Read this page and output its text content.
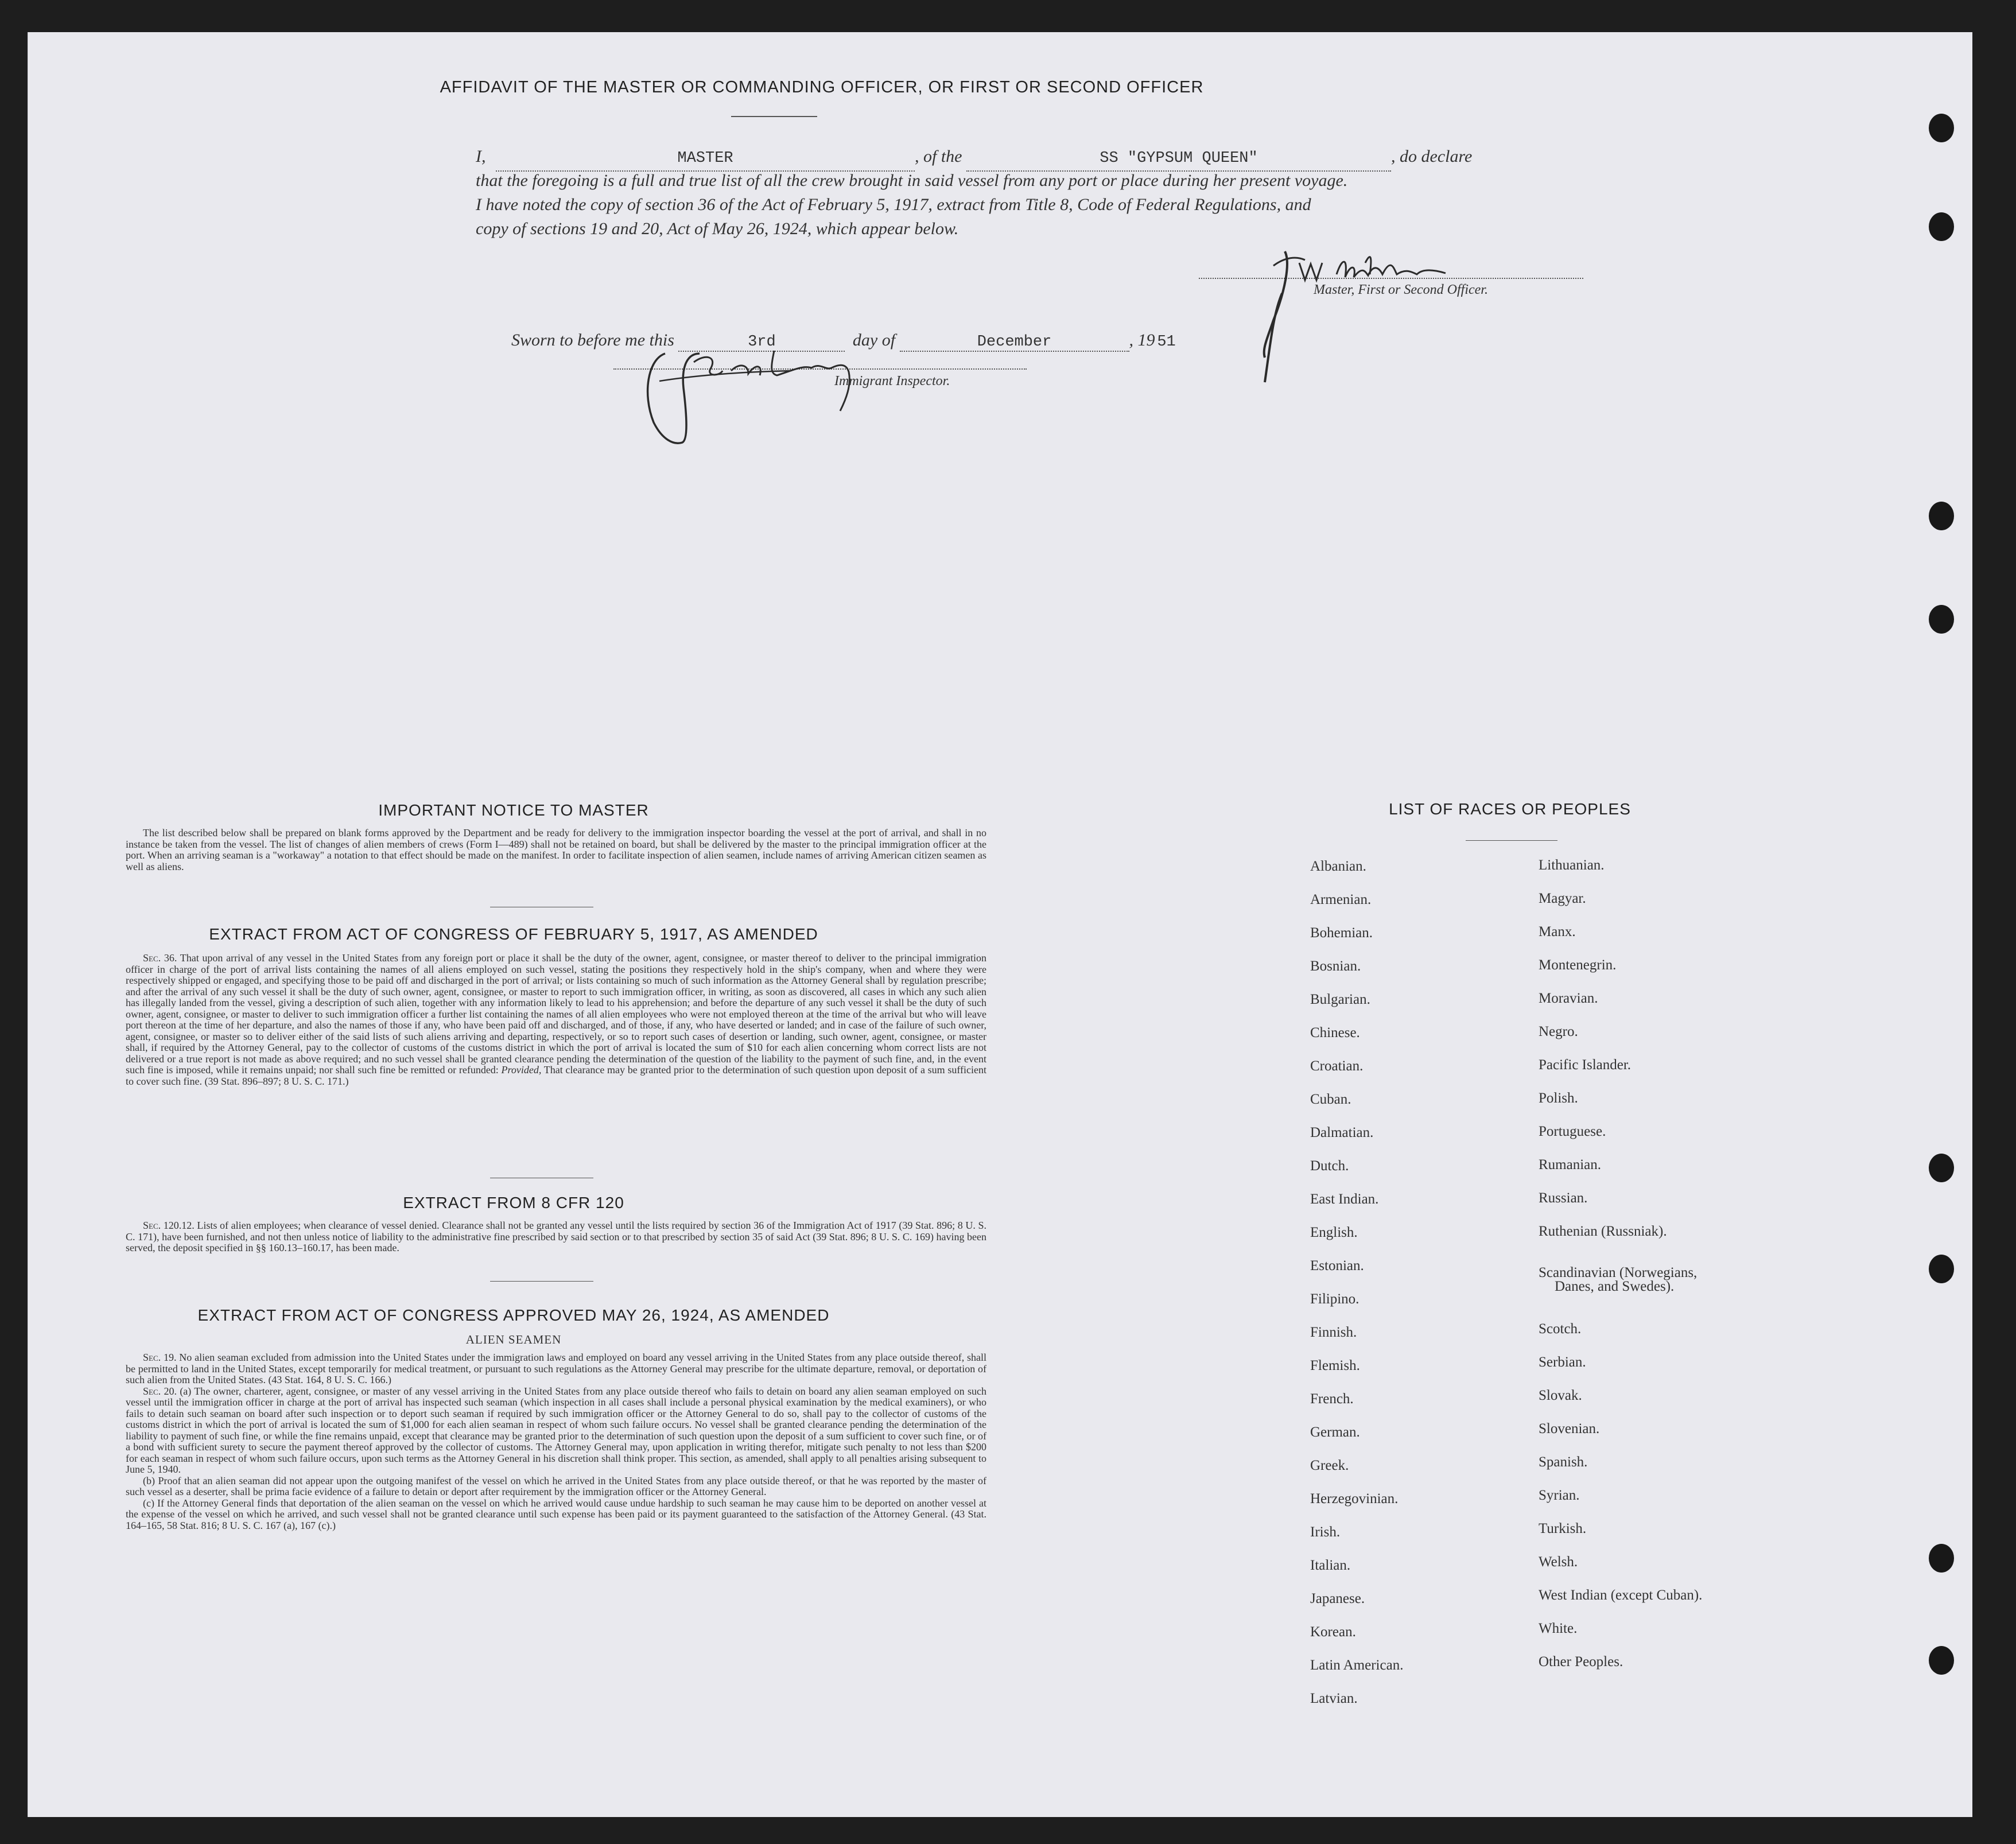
AFFIDAVIT OF THE MASTER OR COMMANDING OFFICER, OR FIRST OR SECOND OFFICER
I,	MASTER	, of the	SS "GYPSUM QUEEN"	, do declare
that the foregoing is a full and true list of all the crew brought in said vessel from any port or place during her present voyage.
I have noted the copy of section 36 of the Act of February 5, 1917, extract from Title 8, Code of Federal Regulations, and
copy of sections 19 and 20, Act of May 26, 1924, which appear below.
Master, First or Second Officer.
Sworn to before me this	3rd	day of	December	, 19 51
Immigrant Inspector.
IMPORTANT NOTICE TO MASTER
The list described below shall be prepared on blank forms approved by the Department and be ready for delivery to the immigration inspector boarding the vessel at the port of arrival, and shall in no instance be taken from the vessel. The list of changes of alien members of crews (Form I—489) shall not be retained on board, but shall be delivered by the master to the principal immigration officer at the port. When an arriving seaman is a "workaway" a notation to that effect should be made on the manifest. In order to facilitate inspection of alien seamen, include names of arriving American citizen seamen as well as aliens.
EXTRACT FROM ACT OF CONGRESS OF FEBRUARY 5, 1917, AS AMENDED
Sec. 36. That upon arrival of any vessel in the United States from any foreign port or place it shall be the duty of the owner, agent, consignee, or master thereof to deliver to the principal immigration officer in charge of the port of arrival lists containing the names of all aliens employed on such vessel, stating the positions they respectively hold in the ship's company, when and where they were respectively shipped or engaged, and specifying those to be paid off and discharged in the port of arrival; or lists containing so much of such information as the Attorney General shall by regulation prescribe; and after the arrival of any such vessel it shall be the duty of such owner, agent, consignee, or master to report to such immigration officer, in writing, as soon as discovered, all cases in which any such alien has illegally landed from the vessel, giving a description of such alien, together with any information likely to lead to his apprehension; and before the departure of any such vessel it shall be the duty of such owner, agent, consignee, or master to deliver to such immigration officer a further list containing the names of all alien employees who were not employed thereon at the time of the arrival but who will leave port thereon at the time of her departure, and also the names of those if any, who have been paid off and discharged, and of those, if any, who have deserted or landed; and in case of the failure of such owner, agent, consignee, or master so to deliver either of the said lists of such aliens arriving and departing, respectively, or so to report such cases of desertion or landing, such owner, agent, consignee, or master shall, if required by the Attorney General, pay to the collector of customs of the customs district in which the port of arrival is located the sum of $10 for each alien concerning whom correct lists are not delivered or a true report is not made as above required; and no such vessel shall be granted clearance pending the determination of the question of the liability to the payment of such fine, and, in the event such fine is imposed, while it remains unpaid; nor shall such fine be remitted or refunded: Provided, That clearance may be granted prior to the determination of such question upon deposit of a sum sufficient to cover such fine. (39 Stat. 896–897; 8 U. S. C. 171.)
EXTRACT FROM 8 CFR 120
Sec. 120.12. Lists of alien employees; when clearance of vessel denied. Clearance shall not be granted any vessel until the lists required by section 36 of the Immigration Act of 1917 (39 Stat. 896; 8 U. S. C. 171), have been furnished, and not then unless notice of liability to the administrative fine prescribed by said section or to that prescribed by section 35 of said Act (39 Stat. 896; 8 U. S. C. 169) having been served, the deposit specified in §§ 160.13–160.17, has been made.
EXTRACT FROM ACT OF CONGRESS APPROVED MAY 26, 1924, AS AMENDED
ALIEN SEAMEN

Sec. 19. No alien seaman excluded from admission into the United States under the immigration laws and employed on board any vessel arriving in the United States from any place outside thereof, shall be permitted to land in the United States, except temporarily for medical treatment, or pursuant to such regulations as the Attorney General may prescribe for the ultimate departure, removal, or deportation of such alien from the United States. (43 Stat. 164, 8 U. S. C. 166.)

Sec. 20. (a) The owner, charterer, agent, consignee, or master of any vessel arriving in the United States from any place outside thereof who fails to detain on board any alien seaman employed on such vessel until the immigration officer in charge at the port of arrival has inspected such seaman (which inspection in all cases shall include a personal physical examination by the medical examiners), or who fails to detain such seaman on board after such inspection or to deport such seaman if required by such immigration officer or the Attorney General to do so, shall pay to the collector of customs of the customs district in which the port of arrival is located the sum of $1,000 for each alien seaman in respect of whom such failure occurs. No vessel shall be granted clearance pending the determination of the liability to payment of such fine, or while the fine remains unpaid, except that clearance may be granted prior to the determination of such question upon the deposit of a sum sufficient to cover such fine, or of a bond with sufficient surety to secure the payment thereof approved by the collector of customs. The Attorney General may, upon application in writing therefor, mitigate such penalty to not less than $200 for each seaman in respect of whom such failure occurs, upon such terms as the Attorney General in his discretion shall think proper. This section, as amended, shall apply to all penalties arising subsequent to June 5, 1940.

(b) Proof that an alien seaman did not appear upon the outgoing manifest of the vessel on which he arrived in the United States from any place outside thereof, or that he was reported by the master of such vessel as a deserter, shall be prima facie evidence of a failure to detain or deport after requirement by the immigration officer or the Attorney General.

(c) If the Attorney General finds that deportation of the alien seaman on the vessel on which he arrived would cause undue hardship to such seaman he may cause him to be deported on another vessel at the expense of the vessel on which he arrived, and such vessel shall not be granted clearance until such expense has been paid or its payment guaranteed to the satisfaction of the Attorney General. (43 Stat. 164–165, 58 Stat. 816; 8 U. S. C. 167 (a), 167 (c).)

LIST OF RACES OR PEOPLES
Albanian.
Armenian.
Bohemian.
Bosnian.
Bulgarian.
Chinese.
Croatian.
Cuban.
Dalmatian.
Dutch.
East Indian.
English.
Estonian.
Filipino.
Finnish.
Flemish.
French.
German.
Greek.
Herzegovinian.
Irish.
Italian.
Japanese.
Korean.
Latin American.
Latvian.
Lithuanian.
Magyar.
Manx.
Montenegrin.
Moravian.
Negro.
Pacific Islander.
Polish.
Portuguese.
Rumanian.
Russian.
Ruthenian (Russniak).
Scandinavian (Norwegians,
Danes, and Swedes).
Scotch.
Serbian.
Slovak.
Slovenian.
Spanish.
Syrian.
Turkish.
Welsh.
West Indian (except Cuban).
White.
Other Peoples.
